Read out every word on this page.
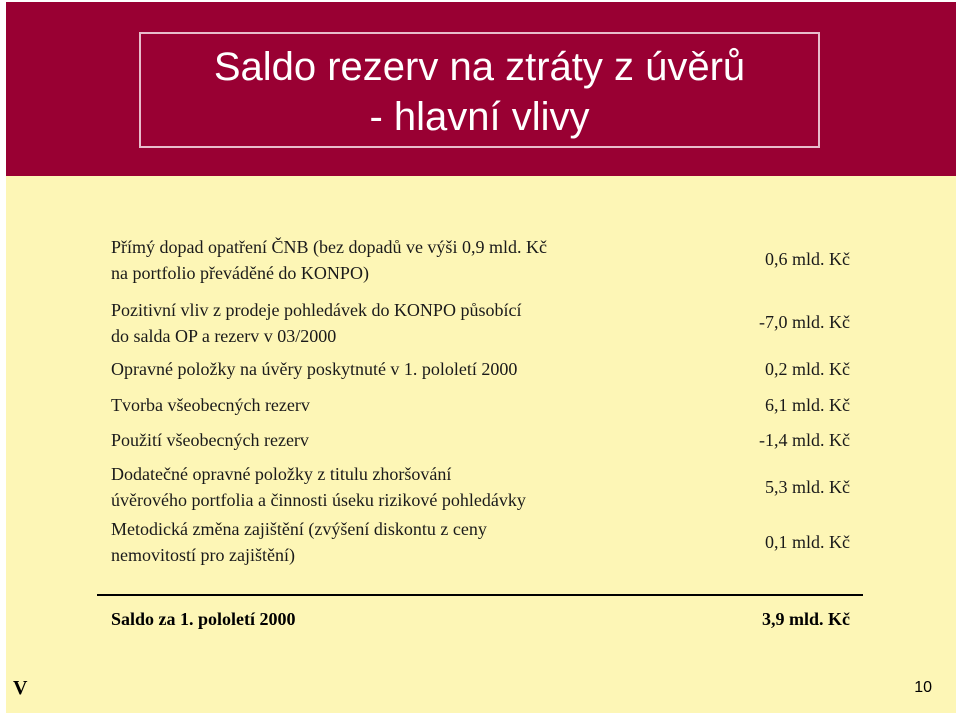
Saldo rezerv na ztráty z úvěrů
- hlavní vlivy
Přímý dopad opatření ČNB (bez dopadů ve výši 0,9 mld. Kč
na portfolio převáděné do KONPO)
0,6 mld. Kč
Pozitivní vliv z prodeje pohledávek do KONPO působící
do salda OP a rezerv v 03/2000
-7,0 mld. Kč
Opravné položky na úvěry poskytnuté v 1. pololetí 2000	0,2 mld. Kč
Tvorba všeobecných rezerv	6,1 mld. Kč
Použití všeobecných rezerv	-1,4 mld. Kč
Dodatečné opravné položky z titulu zhoršování
úvěrového portfolia a činnosti úseku rizikové pohledávky
5,3 mld. Kč
Metodická změna zajištění (zvýšení diskontu z ceny
nemovitostí pro zajištění)
0,1 mld. Kč
Saldo za 1. pololetí 2000	3,9 mld. Kč
V	10
